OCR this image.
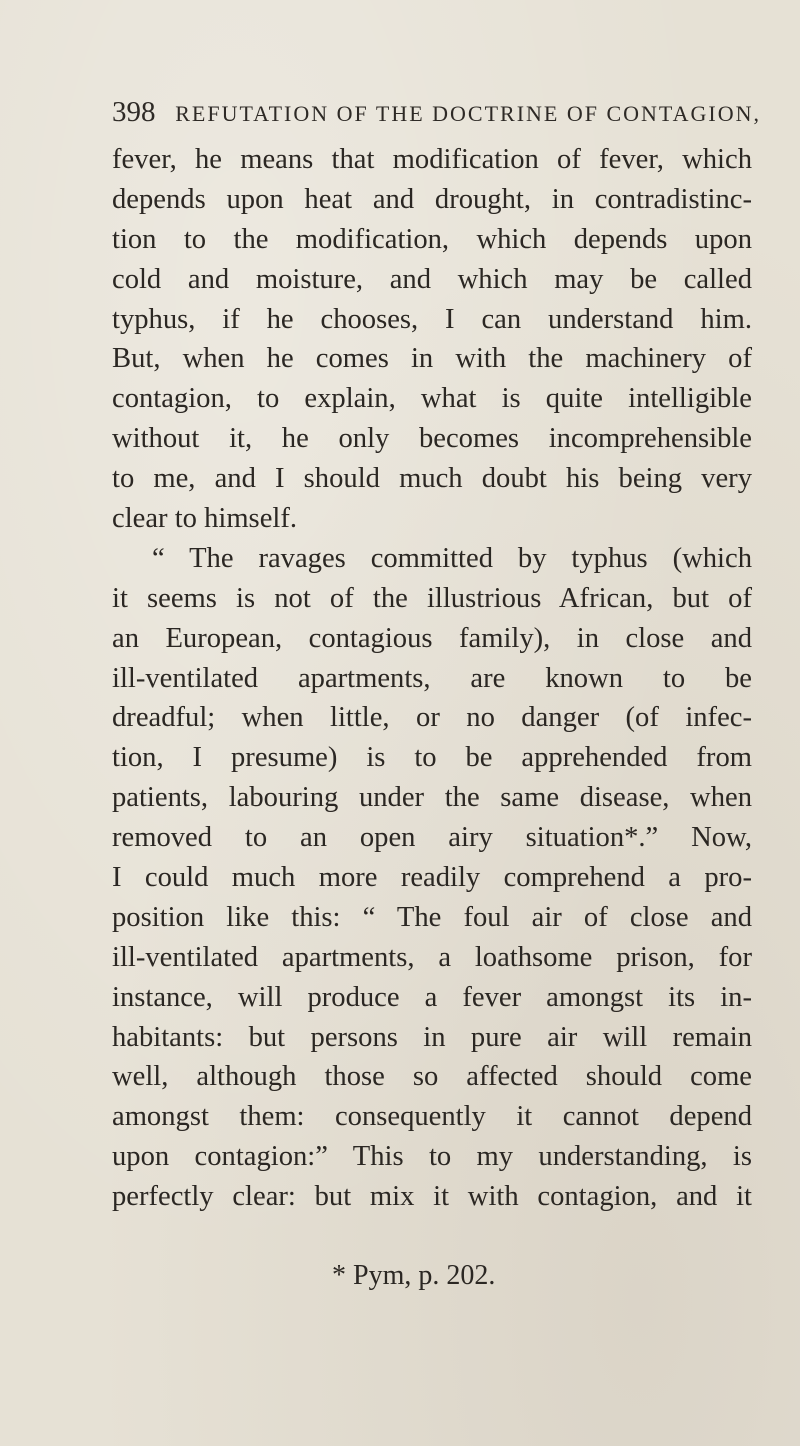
398 REFUTATION OF THE DOCTRINE OF CONTAGION,
fever, he means that modification of fever, which
depends upon heat and drought, in contradistinc-
tion to the modification, which depends upon
cold and moisture, and which may be called
typhus, if he chooses, I can understand him.
But, when he comes in with the machinery of
contagion, to explain, what is quite intelligible
without it, he only becomes incomprehensible
to me, and I should much doubt his being very
clear to himself.
“ The ravages committed by typhus (which
it seems is not of the illustrious African, but of
an European, contagious family), in close and
ill-ventilated apartments, are known to be
dreadful; when little, or no danger (of infec-
tion, I presume) is to be apprehended from
patients, labouring under the same disease, when
removed to an open airy situation*.” Now,
I could much more readily comprehend a pro-
position like this: “ The foul air of close and
ill-ventilated apartments, a loathsome prison, for
instance, will produce a fever amongst its in-
habitants: but persons in pure air will remain
well, although those so affected should come
amongst them: consequently it cannot depend
upon contagion:” This to my understanding, is
perfectly clear: but mix it with contagion, and it
* Pym, p. 202.
